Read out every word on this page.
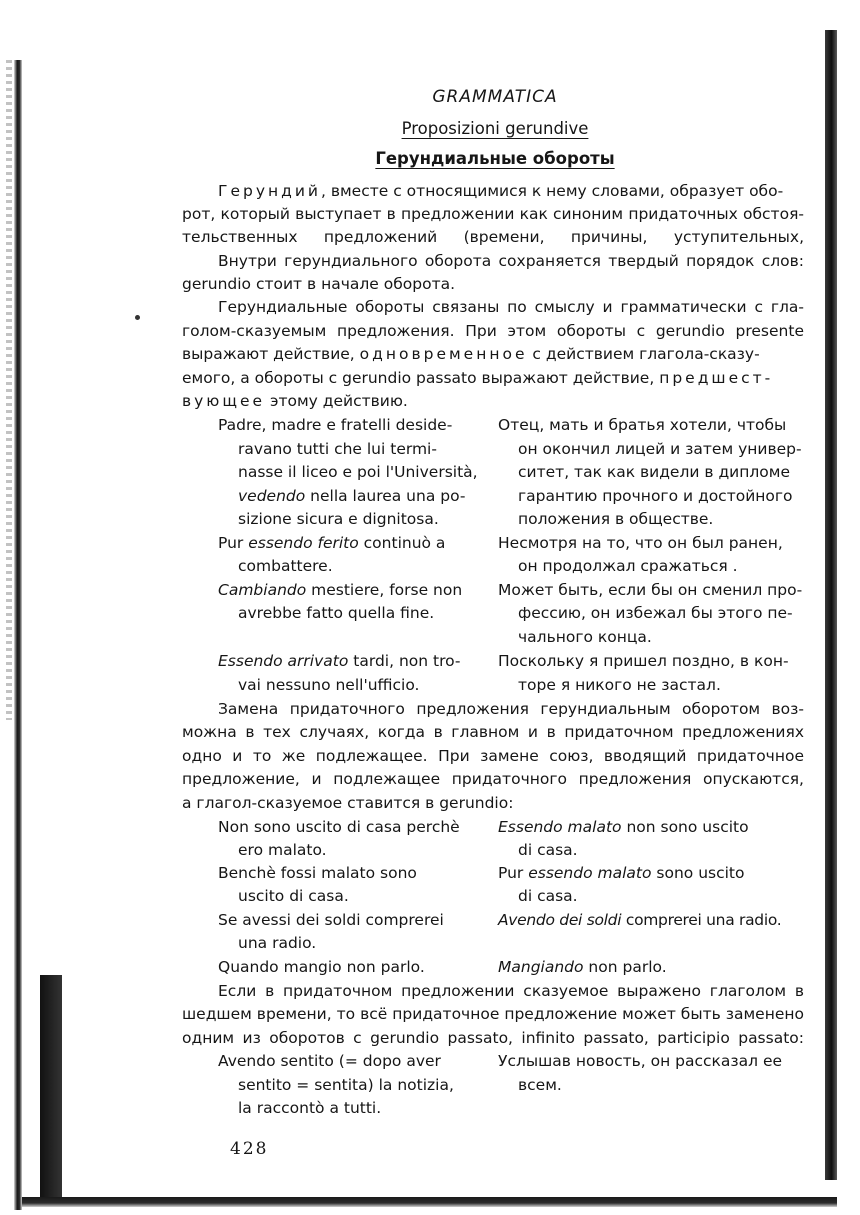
GRAMMATICA
Proposizioni gerundive
Герундиальные обороты
Герундий, вместе с относящимися к нему словами, образует обо-
рот, который выступает в предложении как синоним придаточных обстоя-
тельственных предложений (времени, причины, уступительных,
Внутри герундиального оборота сохраняется твердый порядок слов:
gerundio стоит в начале оборота.
Герундиальные обороты связаны по смыслу и грамматически с гла-
голом-сказуемым предложения. При этом обороты с gerundio presente
выражают действие, одновременное с действием глагола-сказу-
емого, а обороты с gerundio passato выражают действие, предшест-
вующее этому действию.
Padre, madre e fratelli deside-
ravano tutti che lui termi-
nasse il liceo e poi l'Università,
vedendo nella laurea una po-
sizione sicura e dignitosa.
Pur essendo ferito continuò a
combattere.
Cambiando mestiere, forse non
avrebbe fatto quella fine.
Essendo arrivato tardi, non tro-
vai nessuno nell'ufficio.
Отец, мать и братья хотели, чтобы
он окончил лицей и затем универ-
ситет, так как видели в дипломе
гарантию прочного и достойного
положения в обществе.
Несмотря на то, что он был ранен,
он продолжал сражаться .
Может быть, если бы он сменил про-
фессию, он избежал бы этого пе-
чального конца.
Поскольку я пришел поздно, в кон-
торе я никого не застал.
Замена придаточного предложения герундиальным оборотом воз-
можна в тех случаях, когда в главном и в придаточном предложениях
одно и то же подлежащее. При замене союз, вводящий придаточное
предложение, и подлежащее придаточного предложения опускаются,
а глагол-сказуемое ставится в gerundio:
Non sono uscito di casa perchè
ero malato.
Benchè fossi malato sono
uscito di casa.
Se avessi dei soldi comprerei
una radio.
Quando mangio non parlo.
Essendo malato non sono uscito
di casa.
Pur essendo malato sono uscito
di casa.
Avendo dei soldi comprerei una radio.
Mangiando non parlo.
Если в придаточном предложении сказуемое выражено глаголом в
шедшем времени, то всё придаточное предложение может быть заменено
одним из оборотов с gerundio passato, infinito passato, participio passato:
Avendo sentito (= dopo aver
sentito = sentita) la notizia,
la raccontò a tutti.
Услышав новость, он рассказал ее
всем.
428
